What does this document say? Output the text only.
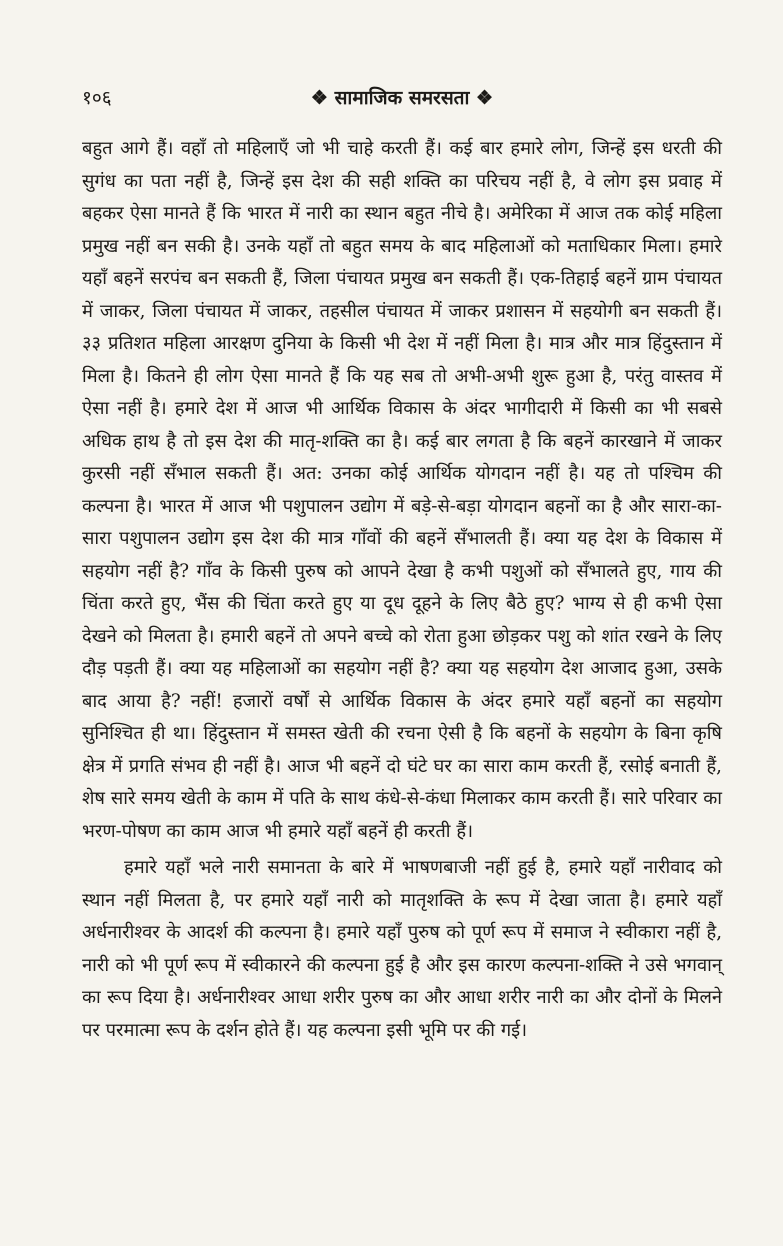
१०६	❖ सामाजिक समरसता ❖

बहुत आगे हैं। वहाँ तो महिलाएँ जो भी चाहे करती हैं। कई बार हमारे लोग, जिन्हें इस धरती की सुगंध का पता नहीं है, जिन्हें इस देश की सही शक्ति का परिचय नहीं है, वे लोग इस प्रवाह में बहकर ऐसा मानते हैं कि भारत में नारी का स्थान बहुत नीचे है। अमेरिका में आज तक कोई महिला प्रमुख नहीं बन सकी है। उनके यहाँ तो बहुत समय के बाद महिलाओं को मताधिकार मिला। हमारे यहाँ बहनें सरपंच बन सकती हैं, जिला पंचायत प्रमुख बन सकती हैं। एक-तिहाई बहनें ग्राम पंचायत में जाकर, जिला पंचायत में जाकर, तहसील पंचायत में जाकर प्रशासन में सहयोगी बन सकती हैं। ३३ प्रतिशत महिला आरक्षण दुनिया के किसी भी देश में नहीं मिला है। मात्र और मात्र हिंदुस्तान में मिला है। कितने ही लोग ऐसा मानते हैं कि यह सब तो अभी-अभी शुरू हुआ है, परंतु वास्तव में ऐसा नहीं है। हमारे देश में आज भी आर्थिक विकास के अंदर भागीदारी में किसी का भी सबसे अधिक हाथ है तो इस देश की मातृ-शक्ति का है। कई बार लगता है कि बहनें कारखाने में जाकर कुरसी नहीं सँभाल सकती हैं। अत: उनका कोई आर्थिक योगदान नहीं है। यह तो पश्चिम की कल्पना है। भारत में आज भी पशुपालन उद्योग में बड़े-से-बड़ा योगदान बहनों का है और सारा-का-सारा पशुपालन उद्योग इस देश की मात्र गाँवों की बहनें सँभालती हैं। क्या यह देश के विकास में सहयोग नहीं है? गाँव के किसी पुरुष को आपने देखा है कभी पशुओं को सँभालते हुए, गाय की चिंता करते हुए, भैंस की चिंता करते हुए या दूध दूहने के लिए बैठे हुए? भाग्य से ही कभी ऐसा देखने को मिलता है। हमारी बहनें तो अपने बच्चे को रोता हुआ छोड़कर पशु को शांत रखने के लिए दौड़ पड़ती हैं। क्या यह महिलाओं का सहयोग नहीं है? क्या यह सहयोग देश आजाद हुआ, उसके बाद आया है? नहीं! हजारों वर्षों से आर्थिक विकास के अंदर हमारे यहाँ बहनों का सहयोग सुनिश्चित ही था। हिंदुस्तान में समस्त खेती की रचना ऐसी है कि बहनों के सहयोग के बिना कृषि क्षेत्र में प्रगति संभव ही नहीं है। आज भी बहनें दो घंटे घर का सारा काम करती हैं, रसोई बनाती हैं, शेष सारे समय खेती के काम में पति के साथ कंधे-से-कंधा मिलाकर काम करती हैं। सारे परिवार का भरण-पोषण का काम आज भी हमारे यहाँ बहनें ही करती हैं।

हमारे यहाँ भले नारी समानता के बारे में भाषणबाजी नहीं हुई है, हमारे यहाँ नारीवाद को स्थान नहीं मिलता है, पर हमारे यहाँ नारी को मातृशक्ति के रूप में देखा जाता है। हमारे यहाँ अर्धनारीश्वर के आदर्श की कल्पना है। हमारे यहाँ पुरुष को पूर्ण रूप में समाज ने स्वीकारा नहीं है, नारी को भी पूर्ण रूप में स्वीकारने की कल्पना हुई है और इस कारण कल्पना-शक्ति ने उसे भगवान् का रूप दिया है। अर्धनारीश्वर आधा शरीर पुरुष का और आधा शरीर नारी का और दोनों के मिलने पर परमात्मा रूप के दर्शन होते हैं। यह कल्पना इसी भूमि पर की गई।
